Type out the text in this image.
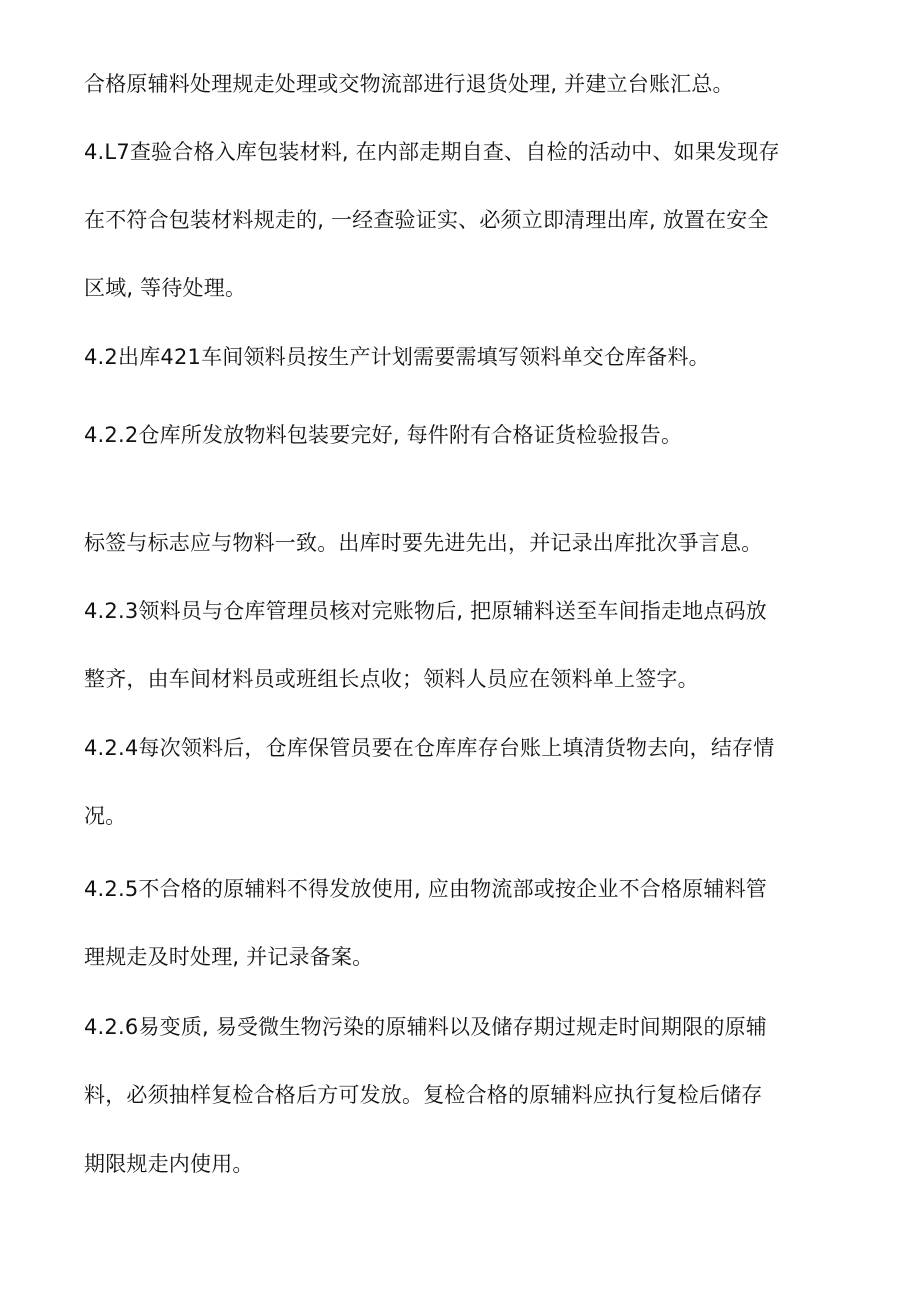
合格原辅料处理规走处理或交物流部进行退货处理, 并建立台账汇总。
4.L7查验合格入库包装材料, 在内部走期自查、自检的活动中、如果发现存
在不符合包装材料规走的, 一经查验证实、必须立即清理出库, 放置在安全
区域, 等待处理。
4.2出库421车间领料员按生产计划需要需填写领料单交仓库备料。
4.2.2仓库所发放物料包装要完好, 每件附有合格证货检验报告。
标签与标志应与物料一致。出库时要先进先出，并记录出库批次爭言息。
4.2.3领料员与仓库管理员核对完账物后, 把原辅料送至车间指走地点码放
整齐，由车间材料员或班组长点收；领料人员应在领料单上签字。
4.2.4每次领料后，仓库保管员要在仓库库存台账上填清货物去向，结存情
况。
4.2.5不合格的原辅料不得发放使用, 应由物流部或按企业不合格原辅料管
理规走及时处理, 并记录备案。
4.2.6易变质, 易受微生物污染的原辅料以及储存期过规走时间期限的原辅
料，必须抽样复检合格后方可发放。复检合格的原辅料应执行复检后储存
期限规走内使用。
